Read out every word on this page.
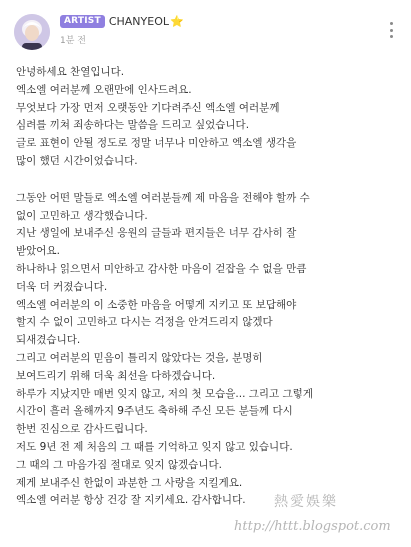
ARTIST CHANYEOL ⭐
1분 전
안녕하세요 찬열입니다.
엑소엘 여러분께 오랜만에 인사드려요.
무엇보다 가장 먼저 오랫동안 기다려주신 엑소엘 여러분께
심려를 끼쳐 죄송하다는 말씀을 드리고 싶었습니다.
글로 표현이 안될 정도로 정말 너무나 미안하고 엑소엘 생각을
많이 했던 시간이었습니다.
그동안 어떤 말들로 엑소엘 여러분들께 제 마음을 전해야 할까 수
없이 고민하고 생각했습니다.
지난 생일에 보내주신 응원의 글들과 편지들은 너무 감사히 잘
받았어요.
하나하나 읽으면서 미안하고 감사한 마음이 걷잡을 수 없을 만큼
더욱 더 커졌습니다.
엑소엘 여러분의 이 소중한 마음을 어떻게 지키고 또 보답해야
할지 수 없이 고민하고 다시는 걱정을 안겨드리지 않겠다
되새겼습니다.
그리고 여러분의 믿음이 틀리지 않았다는 것을, 분명히
보여드리기 위해 더욱 최선을 다하겠습니다.
하루가 지났지만 매번 잊지 않고, 저의 첫 모습을... 그리고 그렇게
시간이 흘러 올해까지 9주년도 축하해 주신 모든 분들께 다시
한번 진심으로 감사드립니다.
저도 9년 전 제 처음의 그 때를 기억하고 잊지 않고 있습니다.
그 때의 그 마음가짐 절대로 잊지 않겠습니다.
제게 보내주신 한없이 과분한 그 사랑을 지킬게요.
엑소엘 여러분 항상 건강 잘 지키세요. 감사합니다.	熱愛娛樂
http://httt.blogspot.com
